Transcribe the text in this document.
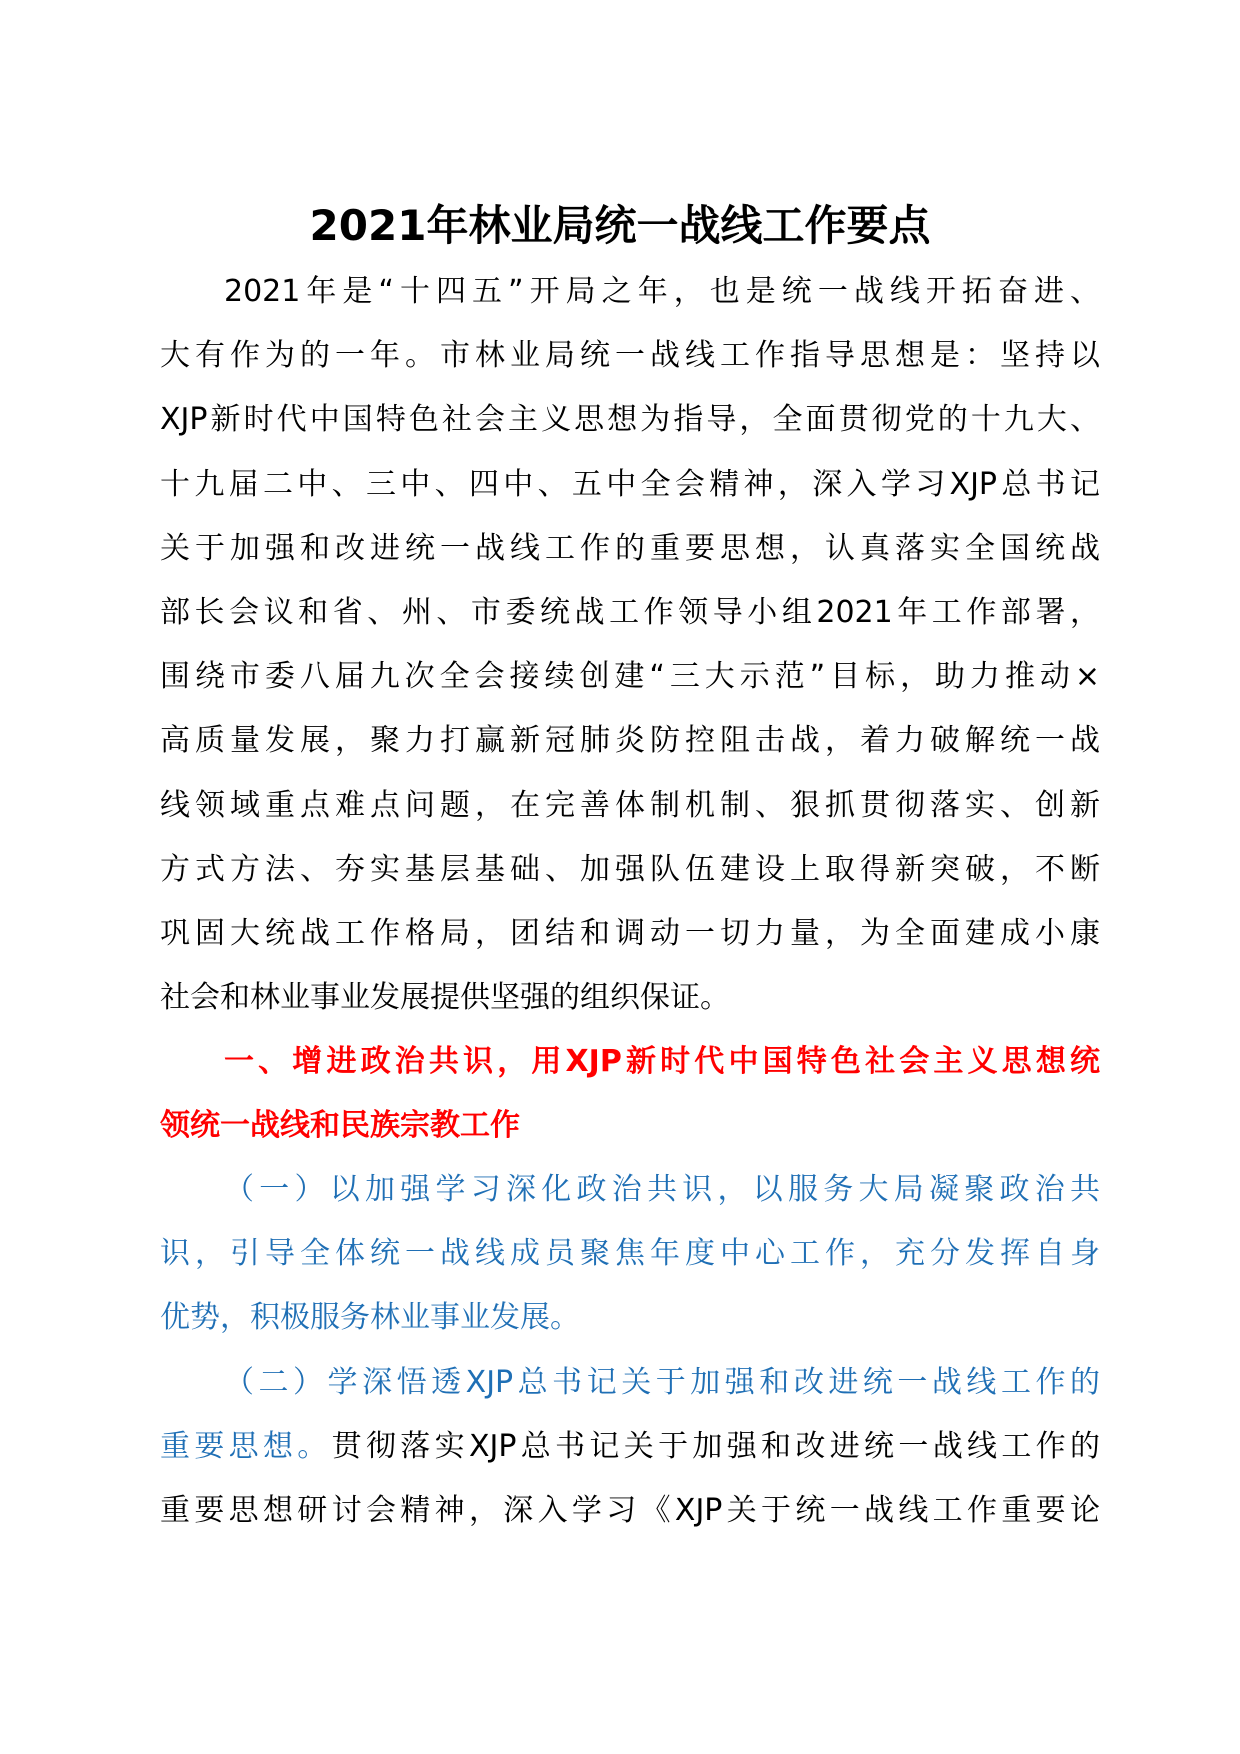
2021年林业局统一战线工作要点
2021年是“十四五”开局之年，也是统一战线开拓奋进、
大有作为的一年。市林业局统一战线工作指导思想是：坚持以
XJP新时代中国特色社会主义思想为指导，全面贯彻党的十九大、
十九届二中、三中、四中、五中全会精神，深入学习XJP总书记
关于加强和改进统一战线工作的重要思想，认真落实全国统战
部长会议和省、州、市委统战工作领导小组2021年工作部署，
围绕市委八届九次全会接续创建“三大示范”目标，助力推动×
高质量发展，聚力打赢新冠肺炎防控阻击战，着力破解统一战
线领域重点难点问题，在完善体制机制、狠抓贯彻落实、创新
方式方法、夯实基层基础、加强队伍建设上取得新突破，不断
巩固大统战工作格局，团结和调动一切力量，为全面建成小康
社会和林业事业发展提供坚强的组织保证。
一、增进政治共识，用XJP新时代中国特色社会主义思想统
领统一战线和民族宗教工作
（一）以加强学习深化政治共识，以服务大局凝聚政治共
识，引导全体统一战线成员聚焦年度中心工作，充分发挥自身
优势，积极服务林业事业发展。
（二）学深悟透XJP总书记关于加强和改进统一战线工作的
重要思想。贯彻落实XJP总书记关于加强和改进统一战线工作的
重要思想研讨会精神，深入学习《XJP关于统一战线工作重要论
